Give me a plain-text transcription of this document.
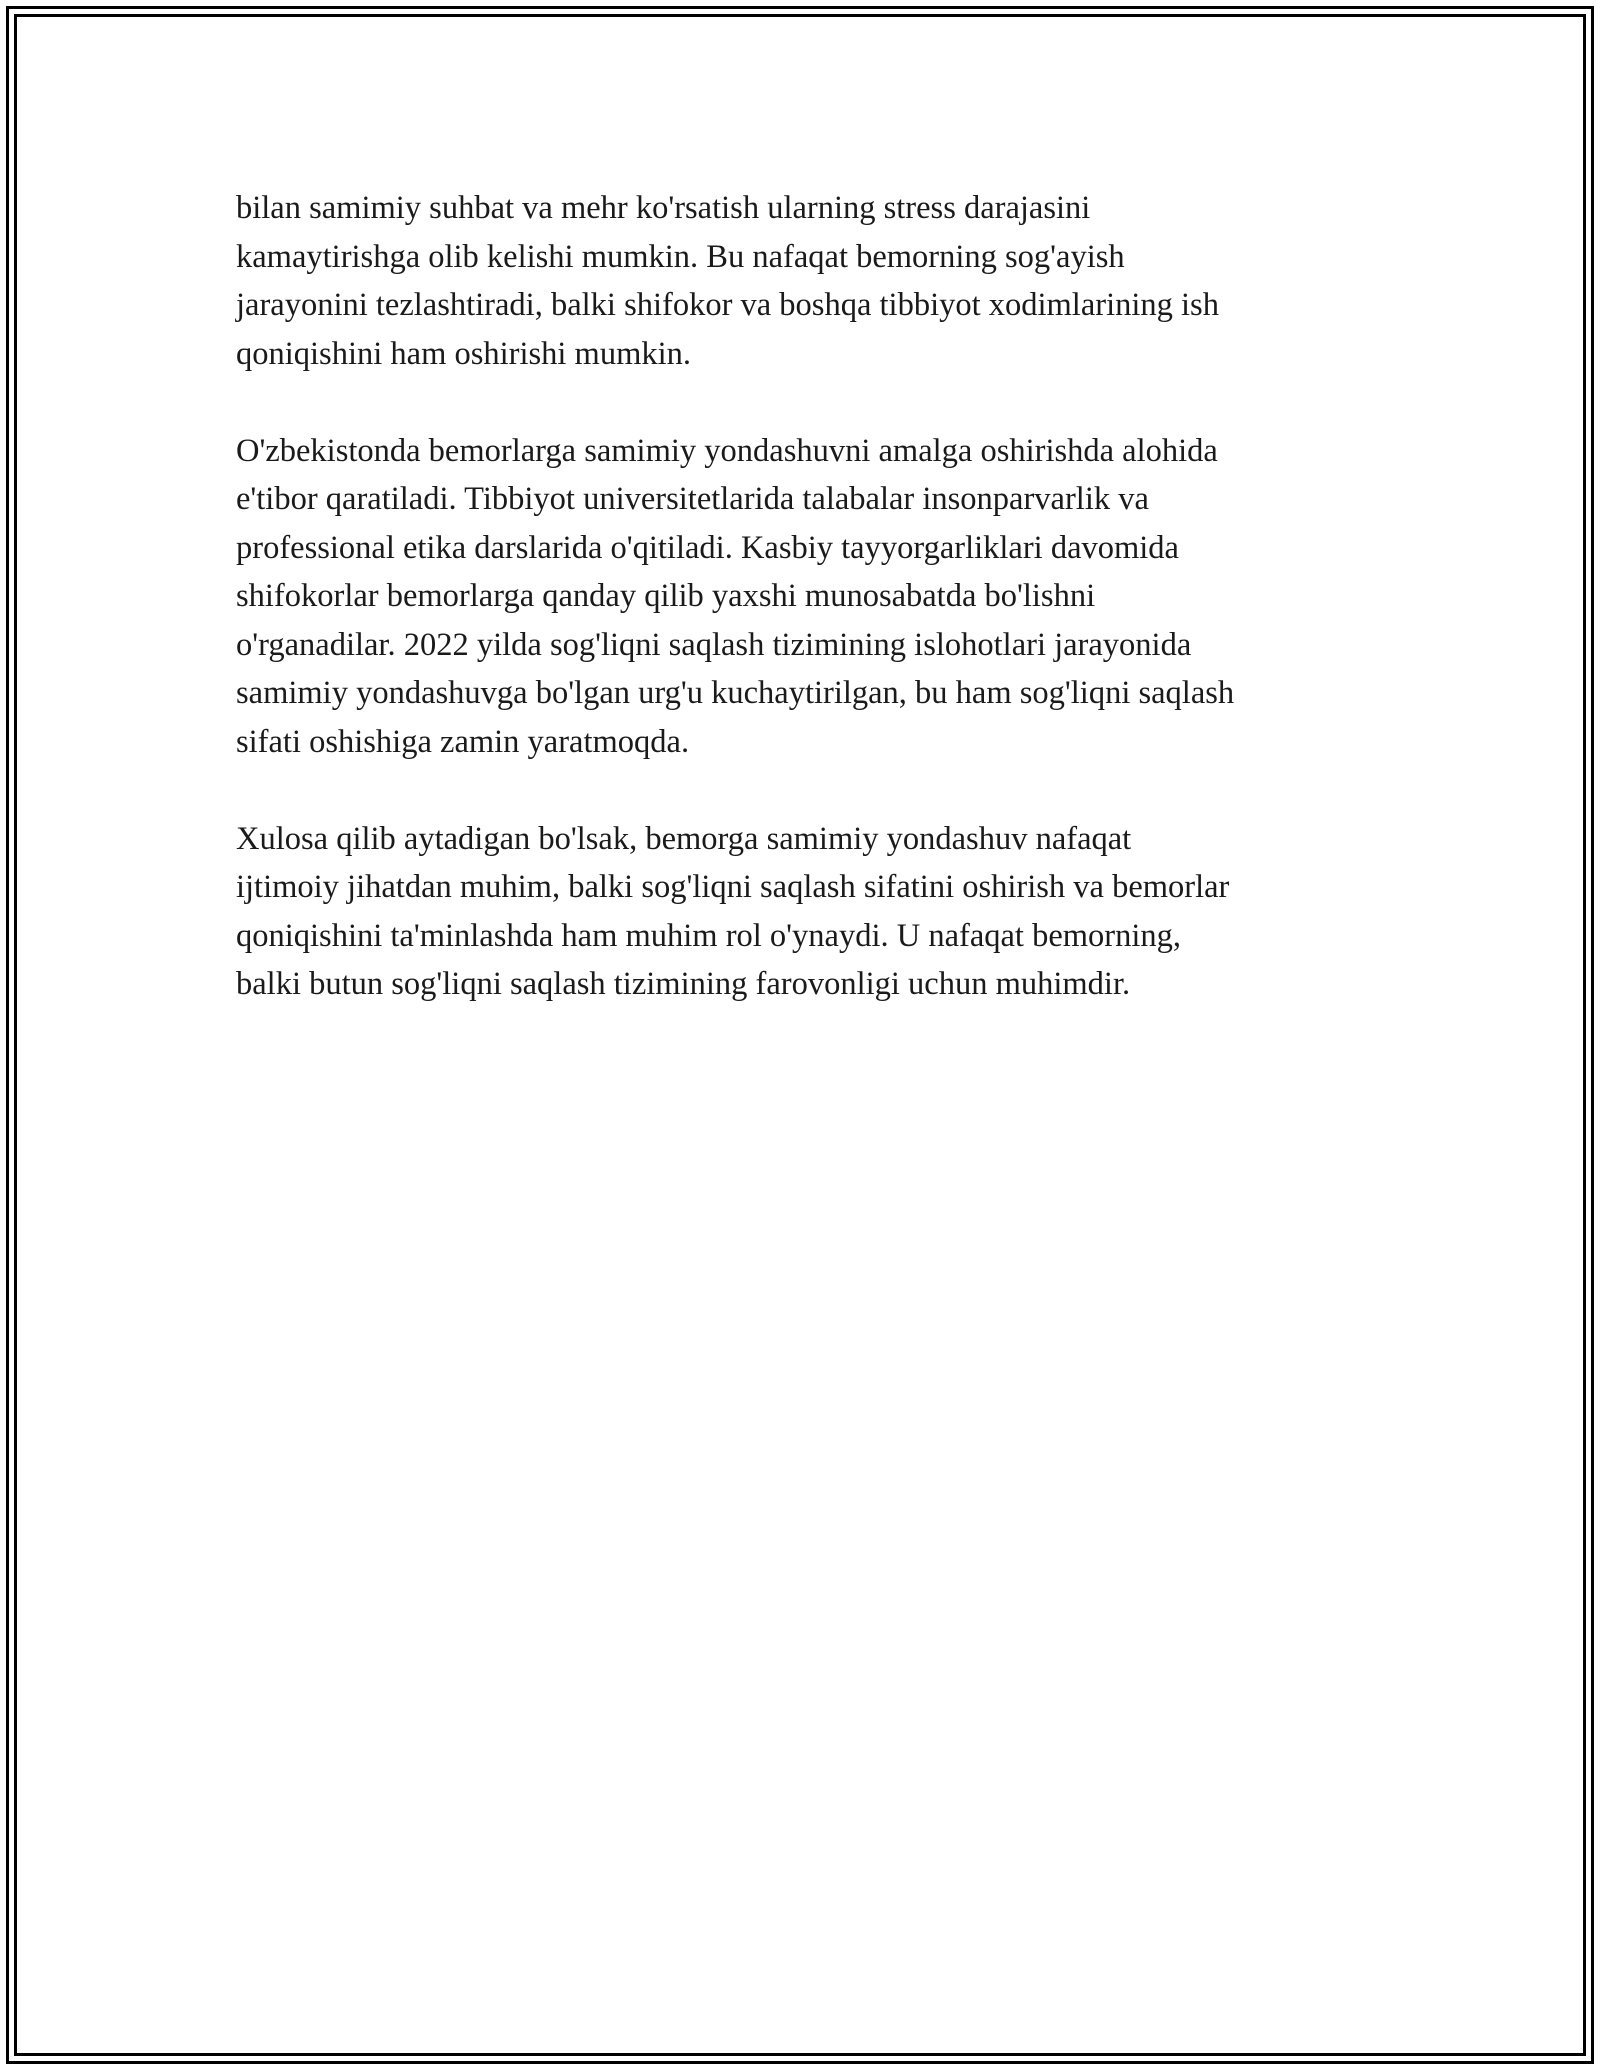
bilan samimiy suhbat va mehr ko'rsatish ularning stress darajasini
kamaytirishga olib kelishi mumkin. Bu nafaqat bemorning sog'ayish
jarayonini tezlashtiradi, balki shifokor va boshqa tibbiyot xodimlarining ish
qoniqishini ham oshirishi mumkin.

O'zbekistonda bemorlarga samimiy yondashuvni amalga oshirishda alohida
e'tibor qaratiladi. Tibbiyot universitetlarida talabalar insonparvarlik va
professional etika darslarida o'qitiladi. Kasbiy tayyorgarliklari davomida
shifokorlar bemorlarga qanday qilib yaxshi munosabatda bo'lishni
o'rganadilar. 2022 yilda sog'liqni saqlash tizimining islohotlari jarayonida
samimiy yondashuvga bo'lgan urg'u kuchaytirilgan, bu ham sog'liqni saqlash
sifati oshishiga zamin yaratmoqda.

Xulosa qilib aytadigan bo'lsak, bemorga samimiy yondashuv nafaqat
ijtimoiy jihatdan muhim, balki sog'liqni saqlash sifatini oshirish va bemorlar
qoniqishini ta'minlashda ham muhim rol o'ynaydi. U nafaqat bemorning,
balki butun sog'liqni saqlash tizimining farovonligi uchun muhimdir.
